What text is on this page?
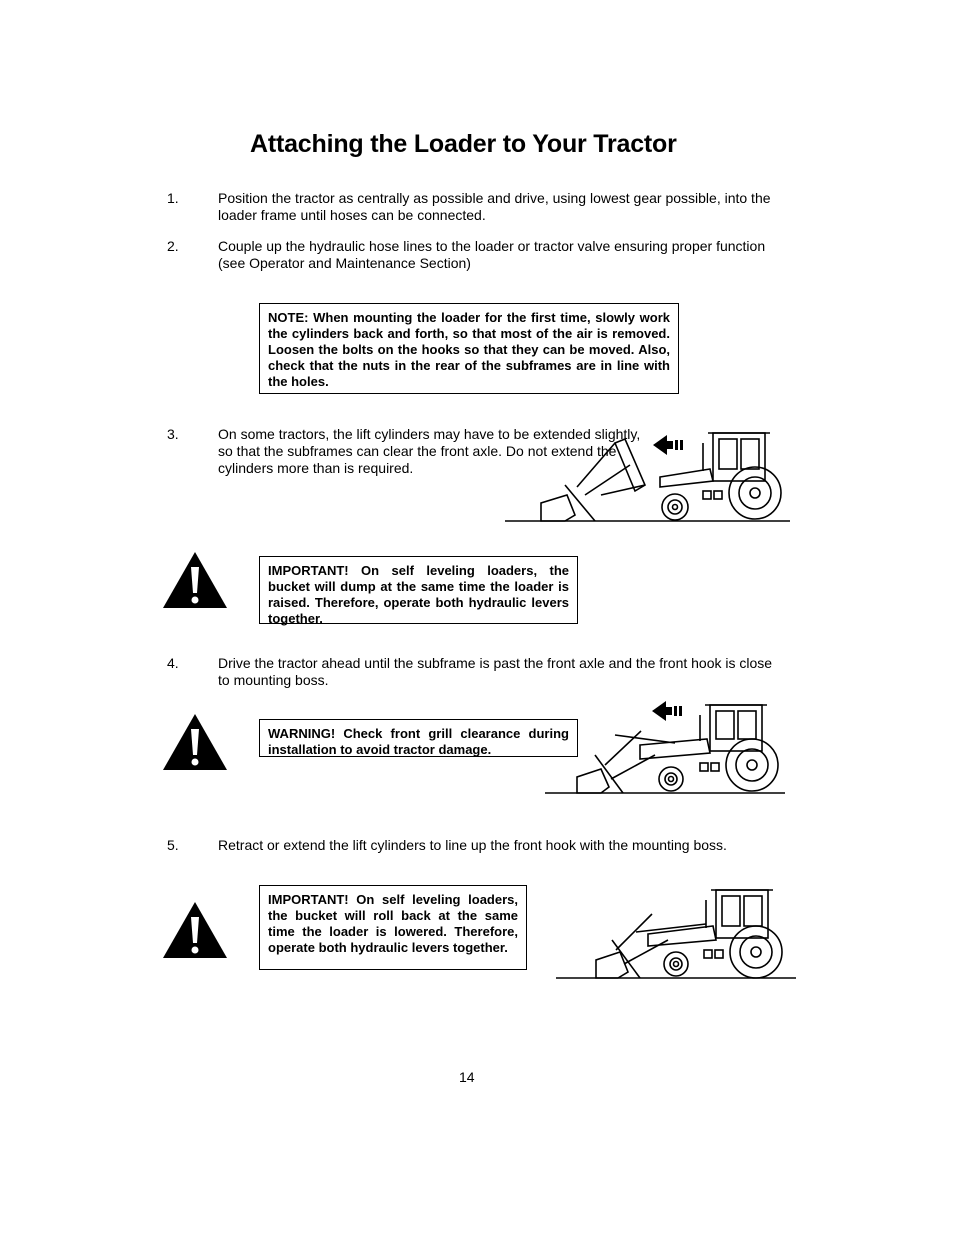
Attaching the Loader to Your Tractor
1.	Position the tractor as centrally as possible and drive, using lowest gear possible, into the loader frame until hoses can be connected.
2.	Couple up the hydraulic hose lines to the loader or tractor valve ensuring proper function (see Operator and Maintenance Section)
NOTE: When mounting the loader for the first time, slowly work the cylinders back and forth, so that most of the air is removed. Loosen the bolts on the hooks so that they can be moved. Also, check that the nuts in the rear of the subframes are in line with the holes.
3.	On some tractors, the lift cylinders may have to be extended slightly, so that the subframes can clear the front axle. Do not extend the cylinders more than is required.
IMPORTANT! On self leveling loaders, the bucket will dump at the same time the loader is raised. Therefore, operate both hydraulic levers together.
4.	Drive the tractor ahead until the subframe is past the front axle and the front hook is close to mounting boss.
WARNING! Check front grill clearance during installation to avoid tractor damage.
5.	Retract or extend the lift cylinders to line up the front hook with the mounting boss.
IMPORTANT! On self leveling loaders, the bucket will roll back at the same time the loader is lowered. Therefore, operate both hydraulic levers together.
14
